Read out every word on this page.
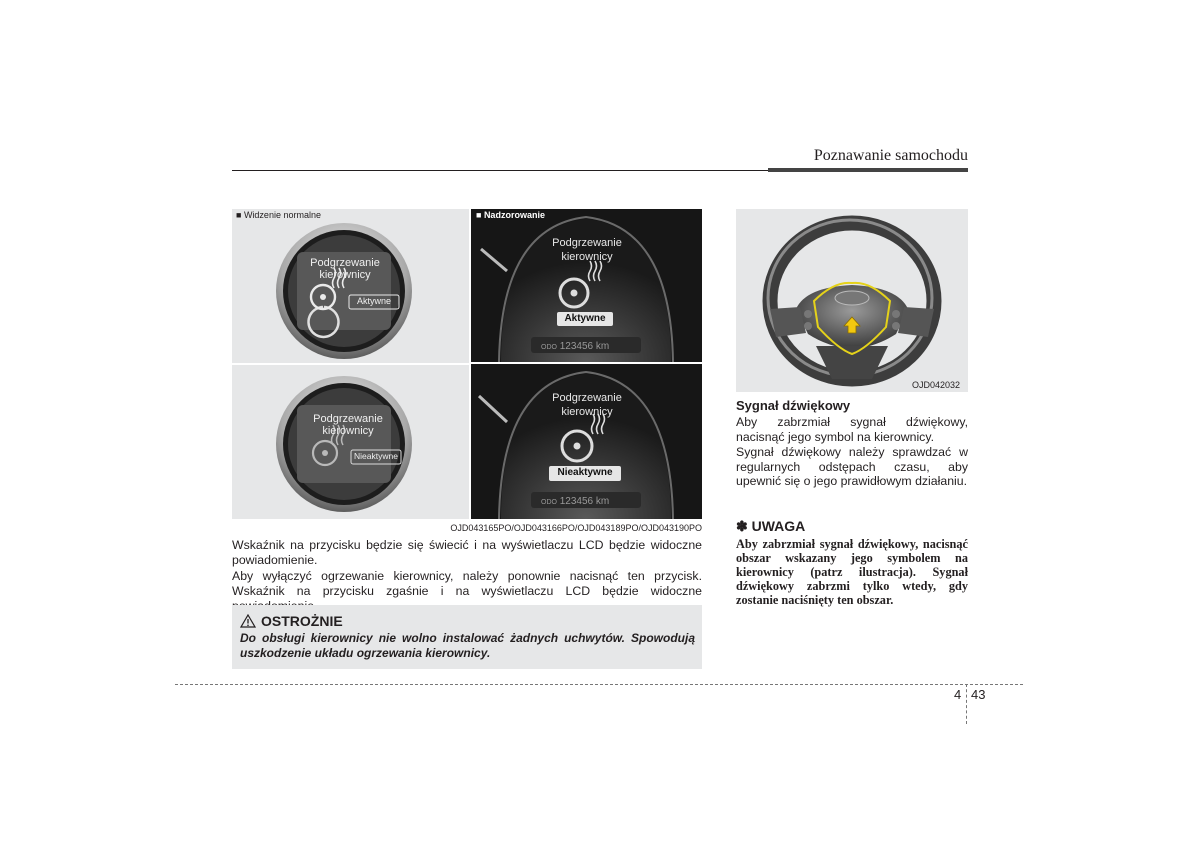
Poznawanie samochodu
■ Widzenie normalne
Podgrzewanie
kierownicy
Aktywne
Podgrzewanie
kierownicy
Nieaktywne
■ Nadzorowanie
Podgrzewanie
kierownicy
Aktywne
ODO 123456 km
Podgrzewanie
kierownicy
Nieaktywne
ODO 123456 km
OJD043165PO/OJD043166PO/OJD043189PO/OJD043190PO
Wskaźnik na przycisku będzie się świecić i na wyświetlaczu LCD będzie widoczne powiadomienie.
Aby wyłączyć ogrzewanie kierownicy, należy ponownie nacisnąć ten przycisk. Wskaźnik na przycisku zgaśnie i na wyświetlaczu LCD będzie widoczne
OSTROŻNIE
Do obsługi kierownicy nie wolno instalować żadnych uchwytów. Spowodują uszkodzenie układu ogrzewania kierownicy.
OJD042032
Sygnał dźwiękowy
Aby zabrzmiał sygnał dźwiękowy, nacisnąć jego symbol na kierownicy.
Sygnał dźwiękowy należy sprawdzać w regularnych odstępach czasu, aby upewnić się o jego prawidłowym działaniu.
✽ UWAGA
Aby zabrzmiał sygnał dźwiękowy, nacisnąć obszar wskazany jego symbolem na kierownicy (patrz ilustracja). Sygnał dźwiękowy zabrzmi tylko wtedy, gdy zostanie naciśnięty ten obszar.
4 43
